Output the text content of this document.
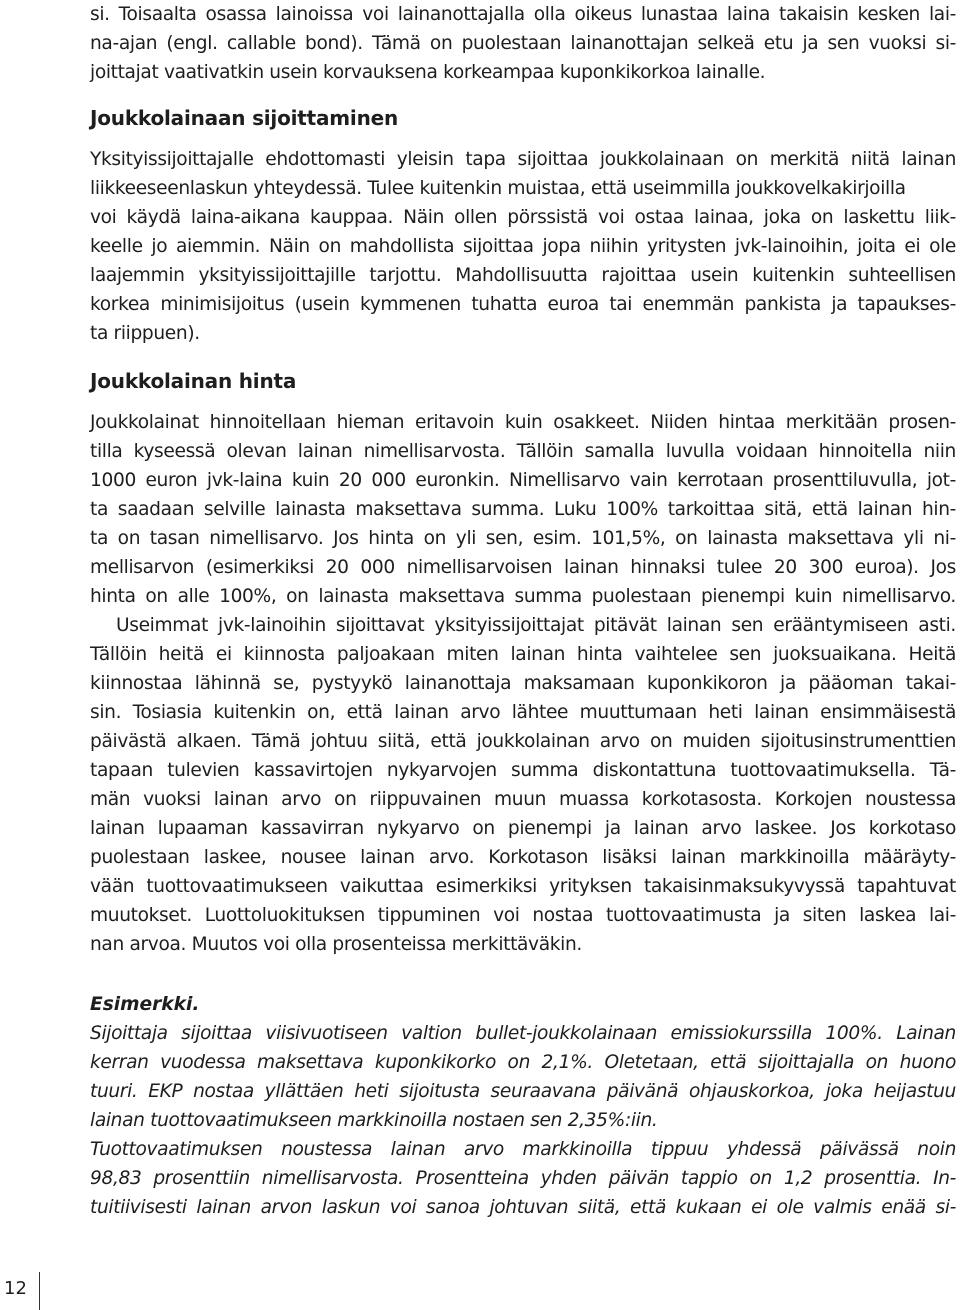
si. Toisaalta osassa lainoissa voi lainanottajalla olla oikeus lunastaa laina takaisin kesken lai-
na-ajan (engl. callable bond). Tämä on puolestaan lainanottajan selkeä etu ja sen vuoksi si-
joittajat vaativatkin usein korvauksena korkeampaa kuponkikorkoa lainalle.
Joukkolainaan sijoittaminen
Yksityissijoittajalle ehdottomasti yleisin tapa sijoittaa joukkolainaan on merkitä niitä lainan
liikkeeseenlaskun yhteydessä. Tulee kuitenkin muistaa, että useimmilla joukkovelkakirjoilla
voi käydä laina-aikana kauppaa. Näin ollen pörssistä voi ostaa lainaa, joka on laskettu liik-
keelle jo aiemmin. Näin on mahdollista sijoittaa jopa niihin yritysten jvk-lainoihin, joita ei ole
laajemmin yksityissijoittajille tarjottu. Mahdollisuutta rajoittaa usein kuitenkin suhteellisen
korkea minimisijoitus (usein kymmenen tuhatta euroa tai enemmän pankista ja tapaukses-
ta riippuen).
Joukkolainan hinta
Joukkolainat hinnoitellaan hieman eritavoin kuin osakkeet. Niiden hintaa merkitään prosen-
tilla kyseessä olevan lainan nimellisarvosta. Tällöin samalla luvulla voidaan hinnoitella niin
1000 euron jvk-laina kuin 20 000 euronkin. Nimellisarvo vain kerrotaan prosenttiluvulla, jot-
ta saadaan selville lainasta maksettava summa. Luku 100% tarkoittaa sitä, että lainan hin-
ta on tasan nimellisarvo. Jos hinta on yli sen, esim. 101,5%, on lainasta maksettava yli ni-
mellisarvon (esimerkiksi 20 000 nimellisarvoisen lainan hinnaksi tulee 20 300 euroa). Jos
hinta on alle 100%, on lainasta maksettava summa puolestaan pienempi kuin nimellisarvo.
Useimmat jvk-lainoihin sijoittavat yksityissijoittajat pitävät lainan sen erääntymiseen asti.
Tällöin heitä ei kiinnosta paljoakaan miten lainan hinta vaihtelee sen juoksuaikana. Heitä
kiinnostaa lähinnä se, pystyykö lainanottaja maksamaan kuponkikoron ja pääoman takai-
sin. Tosiasia kuitenkin on, että lainan arvo lähtee muuttumaan heti lainan ensimmäisestä
päivästä alkaen. Tämä johtuu siitä, että joukkolainan arvo on muiden sijoitusinstrumenttien
tapaan tulevien kassavirtojen nykyarvojen summa diskontattuna tuottovaatimuksella. Tä-
män vuoksi lainan arvo on riippuvainen muun muassa korkotasosta. Korkojen noustessa
lainan lupaaman kassavirran nykyarvo on pienempi ja lainan arvo laskee. Jos korkotaso
puolestaan laskee, nousee lainan arvo. Korkotason lisäksi lainan markkinoilla määräyty-
vään tuottovaatimukseen vaikuttaa esimerkiksi yrityksen takaisinmaksukyvyssä tapahtuvat
muutokset. Luottoluokituksen tippuminen voi nostaa tuottovaatimusta ja siten laskea lai-
nan arvoa. Muutos voi olla prosenteissa merkittäväkin.
Esimerkki.
Sijoittaja sijoittaa viisivuotiseen valtion bullet-joukkolainaan emissiokurssilla 100%. Lainan
kerran vuodessa maksettava kuponkikorko on 2,1%. Oletetaan, että sijoittajalla on huono
tuuri. EKP nostaa yllättäen heti sijoitusta seuraavana päivänä ohjauskorkoa, joka heijastuu
lainan tuottovaatimukseen markkinoilla nostaen sen 2,35%:iin.
Tuottovaatimuksen noustessa lainan arvo markkinoilla tippuu yhdessä päivässä noin
98,83 prosenttiin nimellisarvosta. Prosentteina yhden päivän tappio on 1,2 prosenttia. In-
tuitiivisesti lainan arvon laskun voi sanoa johtuvan siitä, että kukaan ei ole valmis enää si-
12
